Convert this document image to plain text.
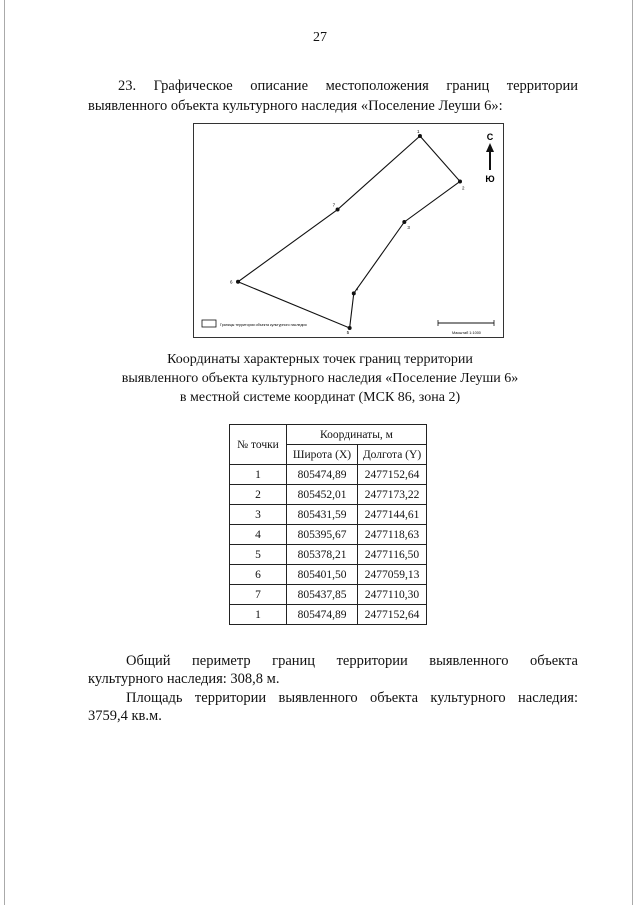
27
23. Графическое описание местоположения границ территории
выявленного объекта культурного наследия «Поселение Леуши 6»:
1
2
3
4
5
6
7
С
Ю
Границы территории объекта культурного наследия
Масштаб 1:1000
Координаты характерных точек границ территории
выявленного объекта культурного наследия «Поселение Леуши 6»
в местной системе координат (МСК 86, зона 2)
№ точки	Координаты, м	
	Широта (X)	Долгота (Y)
1	805474,89	2477152,64
2	805452,01	2477173,22
3	805431,59	2477144,61
4	805395,67	2477118,63
5	805378,21	2477116,50
6	805401,50	2477059,13
7	805437,85	2477110,30
1	805474,89	2477152,64
Общий периметр границ территории выявленного объекта
культурного наследия: 308,8 м.
Площадь территории выявленного объекта культурного наследия:
3759,4 кв.м.
